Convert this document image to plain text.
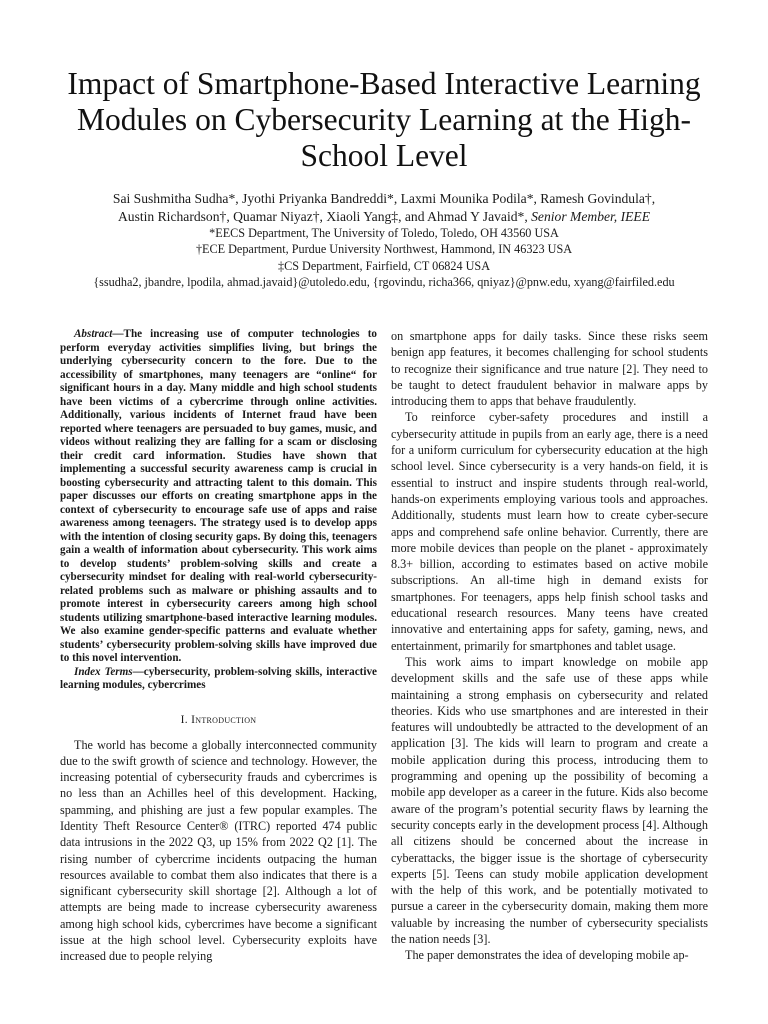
Impact of Smartphone-Based Interactive Learning Modules on Cybersecurity Learning at the High-School Level
Sai Sushmitha Sudha*, Jyothi Priyanka Bandreddi*, Laxmi Mounika Podila*, Ramesh Govindula†,
Austin Richardson†, Quamar Niyaz†, Xiaoli Yang‡, and Ahmad Y Javaid*, Senior Member, IEEE
*EECS Department, The University of Toledo, Toledo, OH 43560 USA
†ECE Department, Purdue University Northwest, Hammond, IN 46323 USA
‡CS Department, Fairfield, CT 06824 USA
{ssudha2, jbandre, lpodila, ahmad.javaid}@utoledo.edu, {rgovindu, richa366, qniyaz}@pnw.edu, xyang@fairfiled.edu

Abstract—The increasing use of computer technologies to perform everyday activities simplifies living, but brings the underlying cybersecurity concern to the fore. Due to the accessibility of smartphones, many teenagers are “online“ for significant hours in a day. Many middle and high school students have been victims of a cybercrime through online activities. Additionally, various incidents of Internet fraud have been reported where teenagers are persuaded to buy games, music, and videos without realizing they are falling for a scam or disclosing their credit card information. Studies have shown that implementing a successful security awareness camp is crucial in boosting cybersecurity and attracting talent to this domain. This paper discusses our efforts on creating smartphone apps in the context of cybersecurity to encourage safe use of apps and raise awareness among teenagers. The strategy used is to develop apps with the intention of closing security gaps. By doing this, teenagers gain a wealth of information about cybersecurity. This work aims to develop students’ problem-solving skills and create a cybersecurity mindset for dealing with real-world cybersecurity-related problems such as malware or phishing assaults and to promote interest in cybersecurity careers among high school students utilizing smartphone-based interactive learning modules. We also examine gender-specific patterns and evaluate whether students’ cybersecurity problem-solving skills have improved due to this novel intervention.

Index Terms—cybersecurity, problem-solving skills, interactive learning modules, cybercrimes

I. Introduction

The world has become a globally interconnected community due to the swift growth of science and technology. However, the increasing potential of cybersecurity frauds and cybercrimes is no less than an Achilles heel of this development. Hacking, spamming, and phishing are just a few popular examples. The Identity Theft Resource Center® (ITRC) reported 474 public data intrusions in the 2022 Q3, up 15% from 2022 Q2 [1]. The rising number of cybercrime incidents outpacing the human resources available to combat them also indicates that there is a significant cybersecurity skill shortage [2]. Although a lot of attempts are being made to increase cybersecurity awareness among high school kids, cybercrimes have become a significant issue at the high school level. Cybersecurity exploits have increased due to people relying

on smartphone apps for daily tasks. Since these risks seem benign app features, it becomes challenging for school students to recognize their significance and true nature [2]. They need to be taught to detect fraudulent behavior in malware apps by introducing them to apps that behave fraudulently.

To reinforce cyber-safety procedures and instill a cybersecurity attitude in pupils from an early age, there is a need for a uniform curriculum for cybersecurity education at the high school level. Since cybersecurity is a very hands-on field, it is essential to instruct and inspire students through real-world, hands-on experiments employing various tools and approaches. Additionally, students must learn how to create cyber-secure apps and comprehend safe online behavior. Currently, there are more mobile devices than people on the planet - approximately 8.3+ billion, according to estimates based on active mobile subscriptions. An all-time high in demand exists for smartphones. For teenagers, apps help finish school tasks and educational research resources. Many teens have created innovative and entertaining apps for safety, gaming, news, and entertainment, primarily for smartphones and tablet usage.

This work aims to impart knowledge on mobile app development skills and the safe use of these apps while maintaining a strong emphasis on cybersecurity and related theories. Kids who use smartphones and are interested in their features will undoubtedly be attracted to the development of an application [3]. The kids will learn to program and create a mobile application during this process, introducing them to programming and opening up the possibility of becoming a mobile app developer as a career in the future. Kids also become aware of the program’s potential security flaws by learning the security concepts early in the development process [4]. Although all citizens should be concerned about the increase in cyberattacks, the bigger issue is the shortage of cybersecurity experts [5]. Teens can study mobile application development with the help of this work, and be potentially motivated to pursue a career in the cybersecurity domain, making them more valuable by increasing the number of cybersecurity specialists the nation needs [3].

The paper demonstrates the idea of developing mobile ap-
